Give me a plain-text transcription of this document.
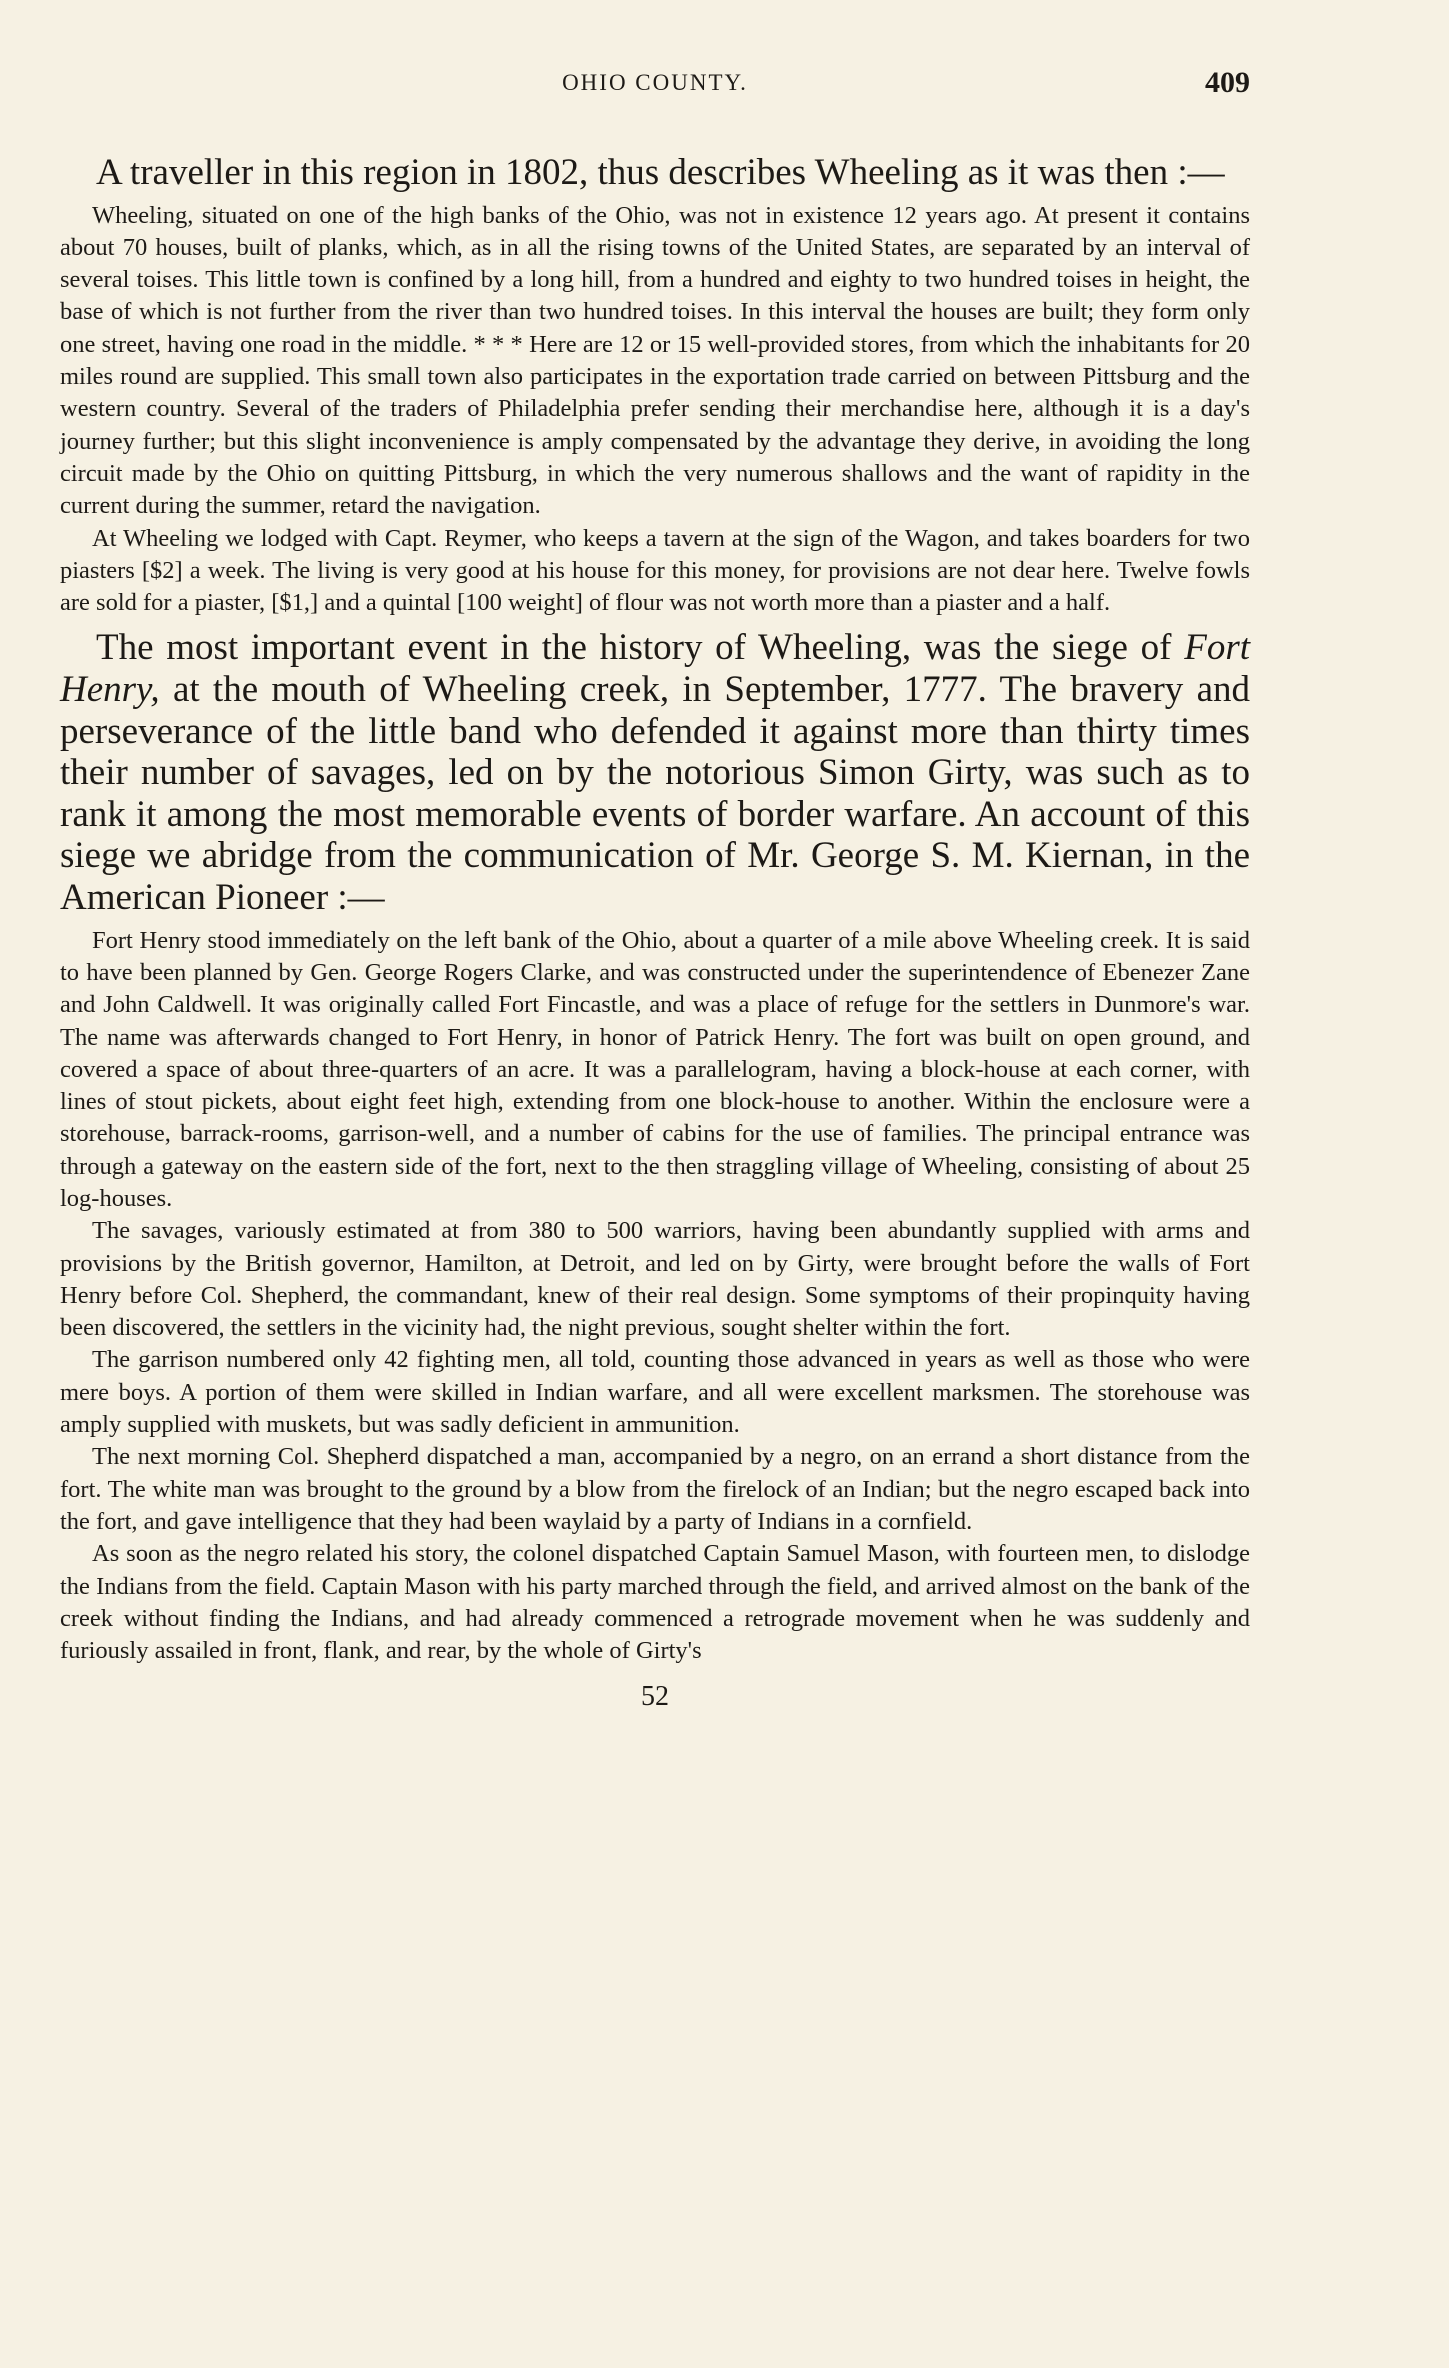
OHIO COUNTY.	409

A traveller in this region in 1802, thus describes Wheeling as it was then :—

Wheeling, situated on one of the high banks of the Ohio, was not in existence 12 years ago. At present it contains about 70 houses, built of planks, which, as in all the rising towns of the United States, are separated by an interval of several toises. This little town is confined by a long hill, from a hundred and eighty to two hundred toises in height, the base of which is not further from the river than two hundred toises. In this interval the houses are built; they form only one street, having one road in the middle. * * * Here are 12 or 15 well-provided stores, from which the inhabitants for 20 miles round are supplied. This small town also participates in the exportation trade carried on between Pittsburg and the western country. Several of the traders of Philadelphia prefer sending their merchandise here, although it is a day's journey further; but this slight inconvenience is amply compensated by the advantage they derive, in avoiding the long circuit made by the Ohio on quitting Pittsburg, in which the very numerous shallows and the want of rapidity in the current during the summer, retard the navigation.

At Wheeling we lodged with Capt. Reymer, who keeps a tavern at the sign of the Wagon, and takes boarders for two piasters [$2] a week. The living is very good at his house for this money, for provisions are not dear here. Twelve fowls are sold for a piaster, [$1,] and a quintal [100 weight] of flour was not worth more than a piaster and a half.

The most important event in the history of Wheeling, was the siege of Fort Henry, at the mouth of Wheeling creek, in September, 1777. The bravery and perseverance of the little band who defended it against more than thirty times their number of savages, led on by the notorious Simon Girty, was such as to rank it among the most memorable events of border warfare. An account of this siege we abridge from the communication of Mr. George S. M. Kiernan, in the American Pioneer :—

Fort Henry stood immediately on the left bank of the Ohio, about a quarter of a mile above Wheeling creek. It is said to have been planned by Gen. George Rogers Clarke, and was constructed under the superintendence of Ebenezer Zane and John Caldwell. It was originally called Fort Fincastle, and was a place of refuge for the settlers in Dunmore's war. The name was afterwards changed to Fort Henry, in honor of Patrick Henry. The fort was built on open ground, and covered a space of about three-quarters of an acre. It was a parallelogram, having a block-house at each corner, with lines of stout pickets, about eight feet high, extending from one block-house to another. Within the enclosure were a storehouse, barrack-rooms, garrison-well, and a number of cabins for the use of families. The principal entrance was through a gateway on the eastern side of the fort, next to the then straggling village of Wheeling, consisting of about 25 log-houses.

The savages, variously estimated at from 380 to 500 warriors, having been abundantly supplied with arms and provisions by the British governor, Hamilton, at Detroit, and led on by Girty, were brought before the walls of Fort Henry before Col. Shepherd, the commandant, knew of their real design. Some symptoms of their propinquity having been discovered, the settlers in the vicinity had, the night previous, sought shelter within the fort.

The garrison numbered only 42 fighting men, all told, counting those advanced in years as well as those who were mere boys. A portion of them were skilled in Indian warfare, and all were excellent marksmen. The storehouse was amply supplied with muskets, but was sadly deficient in ammunition.

The next morning Col. Shepherd dispatched a man, accompanied by a negro, on an errand a short distance from the fort. The white man was brought to the ground by a blow from the firelock of an Indian; but the negro escaped back into the fort, and gave intelligence that they had been waylaid by a party of Indians in a cornfield.

As soon as the negro related his story, the colonel dispatched Captain Samuel Mason, with fourteen men, to dislodge the Indians from the field. Captain Mason with his party marched through the field, and arrived almost on the bank of the creek without finding the Indians, and had already commenced a retrograde movement when he was suddenly and furiously assailed in front, flank, and rear, by the whole of Girty's

52
